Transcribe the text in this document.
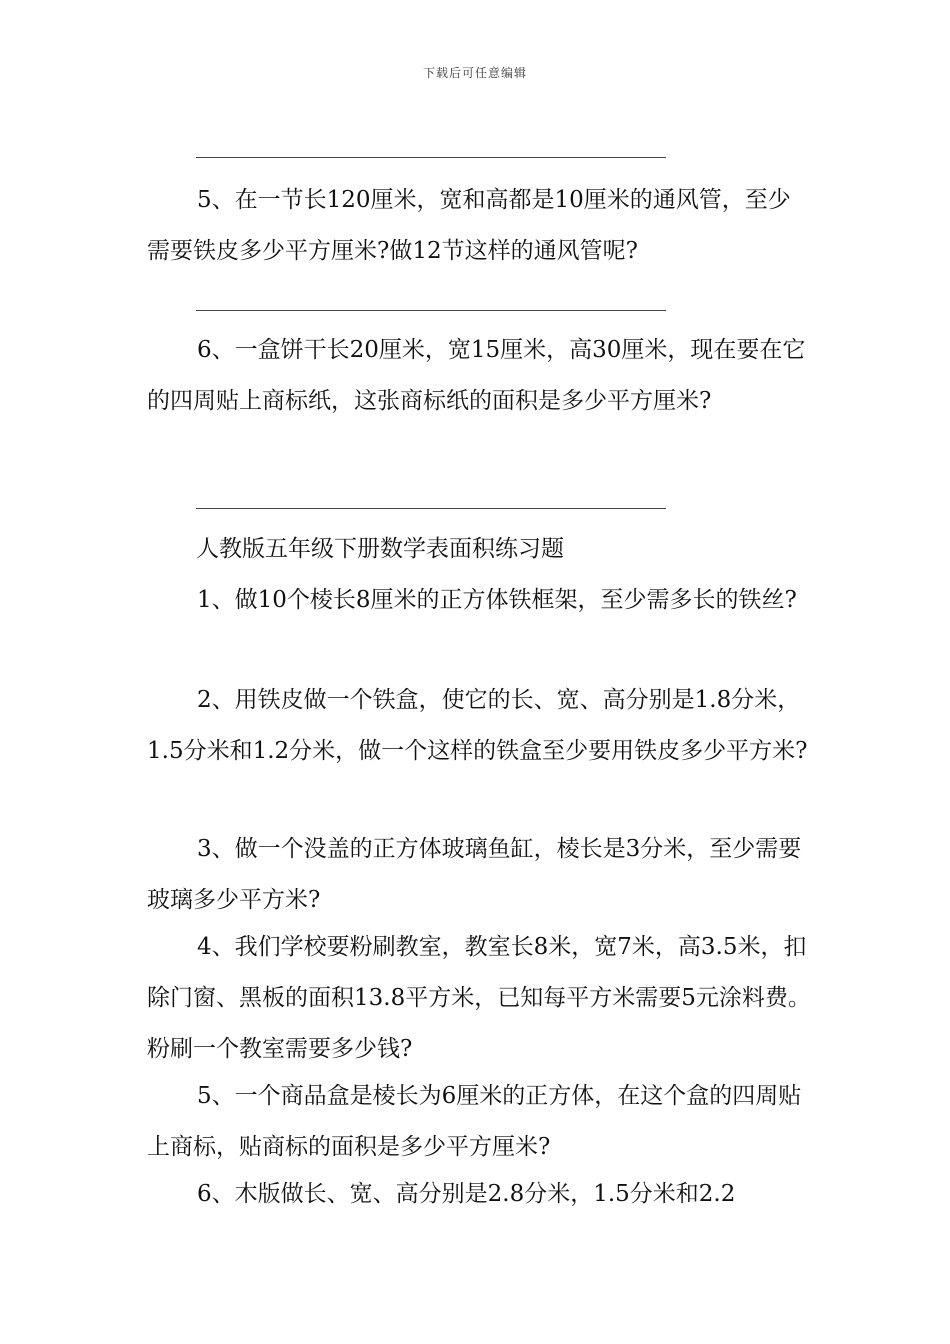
下载后可任意编辑

5、在一节长120厘米，宽和高都是10厘米的通风管，至少需要铁皮多少平方厘米?做12节这样的通风管呢?

6、一盒饼干长20厘米，宽15厘米，高30厘米，现在要在它的四周贴上商标纸，这张商标纸的面积是多少平方厘米?

人教版五年级下册数学表面积练习题

1、做10个棱长8厘米的正方体铁框架，至少需多长的铁丝?

2、用铁皮做一个铁盒，使它的长、宽、高分别是1.8分米，1.5分米和1.2分米，做一个这样的铁盒至少要用铁皮多少平方米?

3、做一个没盖的正方体玻璃鱼缸，棱长是3分米，至少需要玻璃多少平方米?

4、我们学校要粉刷教室，教室长8米，宽7米，高3.5米，扣除门窗、黑板的面积13.8平方米，已知每平方米需要5元涂料费。粉刷一个教室需要多少钱?

5、一个商品盒是棱长为6厘米的正方体，在这个盒的四周贴上商标，贴商标的面积是多少平方厘米?

6、木版做长、宽、高分别是2.8分米，1.5分米和2.2
